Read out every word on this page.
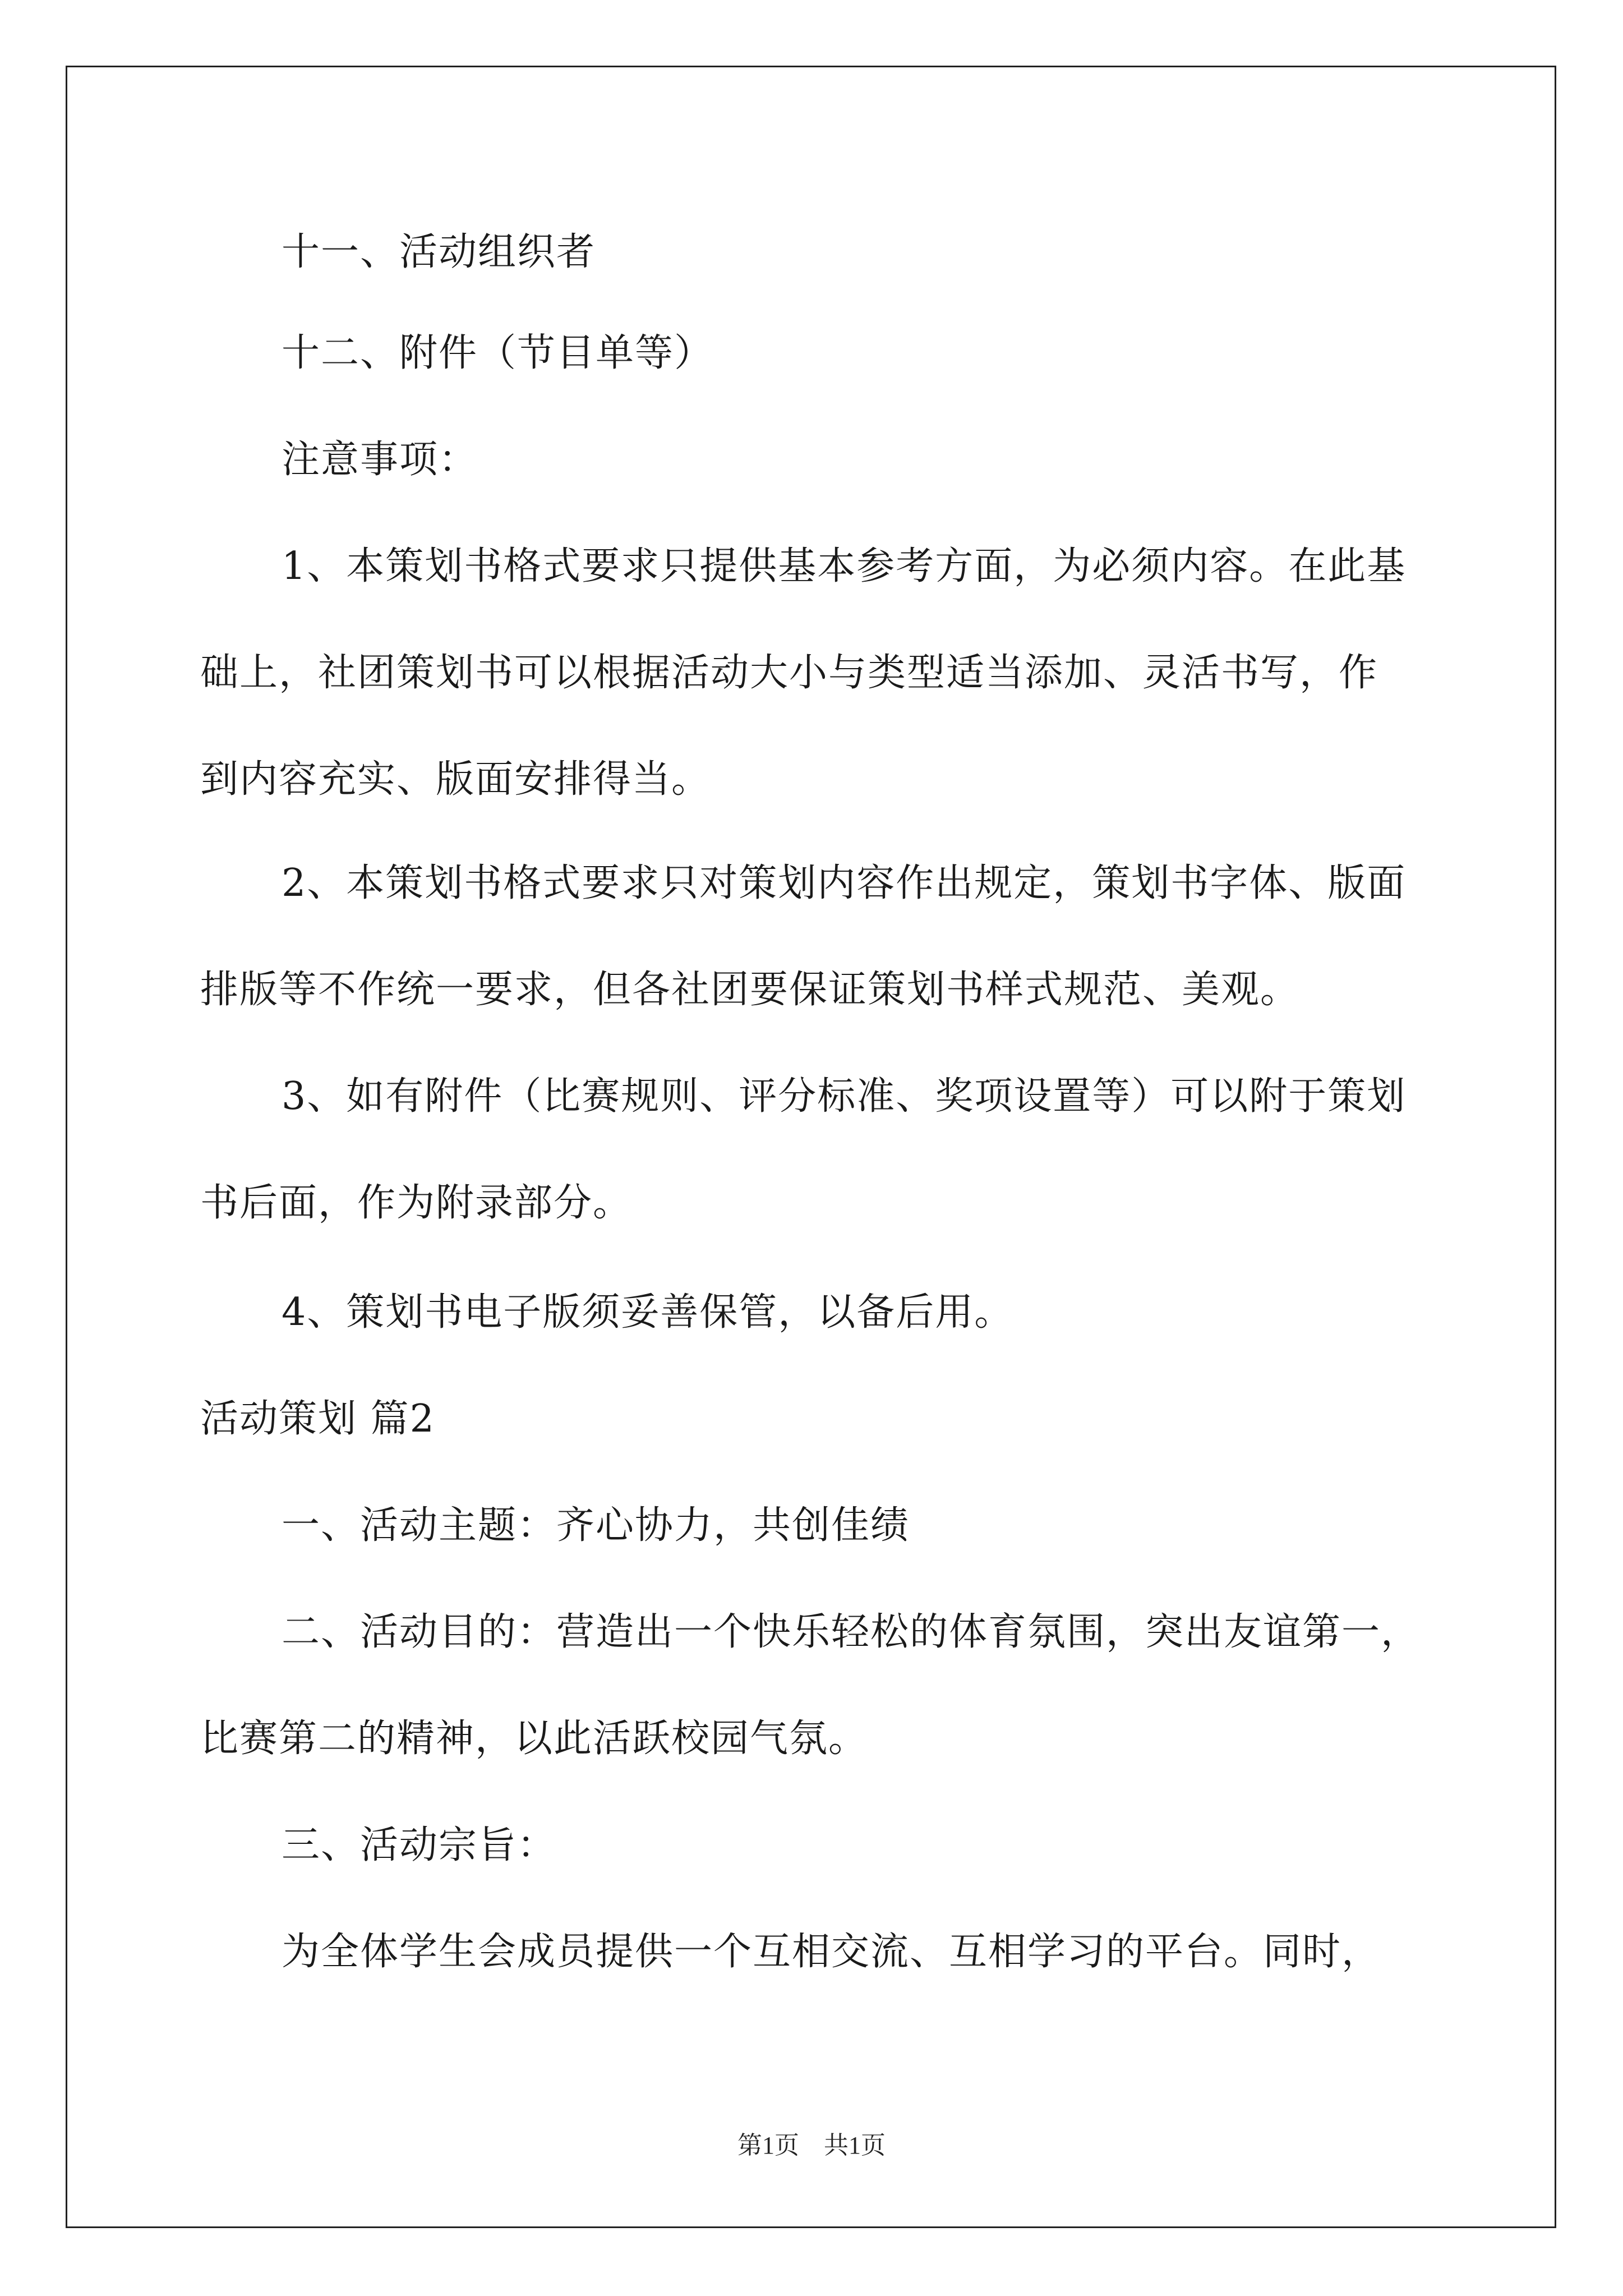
十一、活动组织者
十二、附件（节目单等）
注意事项：
1、本策划书格式要求只提供基本参考方面，为必须内容。在此基
础上，社团策划书可以根据活动大小与类型适当添加、灵活书写，作
到内容充实、版面安排得当。
2、本策划书格式要求只对策划内容作出规定，策划书字体、版面
排版等不作统一要求，但各社团要保证策划书样式规范、美观。
3、如有附件（比赛规则、评分标准、奖项设置等）可以附于策划
书后面，作为附录部分。
4、策划书电子版须妥善保管，以备后用。
活动策划 篇2
一、活动主题：齐心协力，共创佳绩
二、活动目的：营造出一个快乐轻松的体育氛围，突出友谊第一，
比赛第二的精神，以此活跃校园气氛。
三、活动宗旨：
为全体学生会成员提供一个互相交流、互相学习的平台。同时，
第1页　共1页
